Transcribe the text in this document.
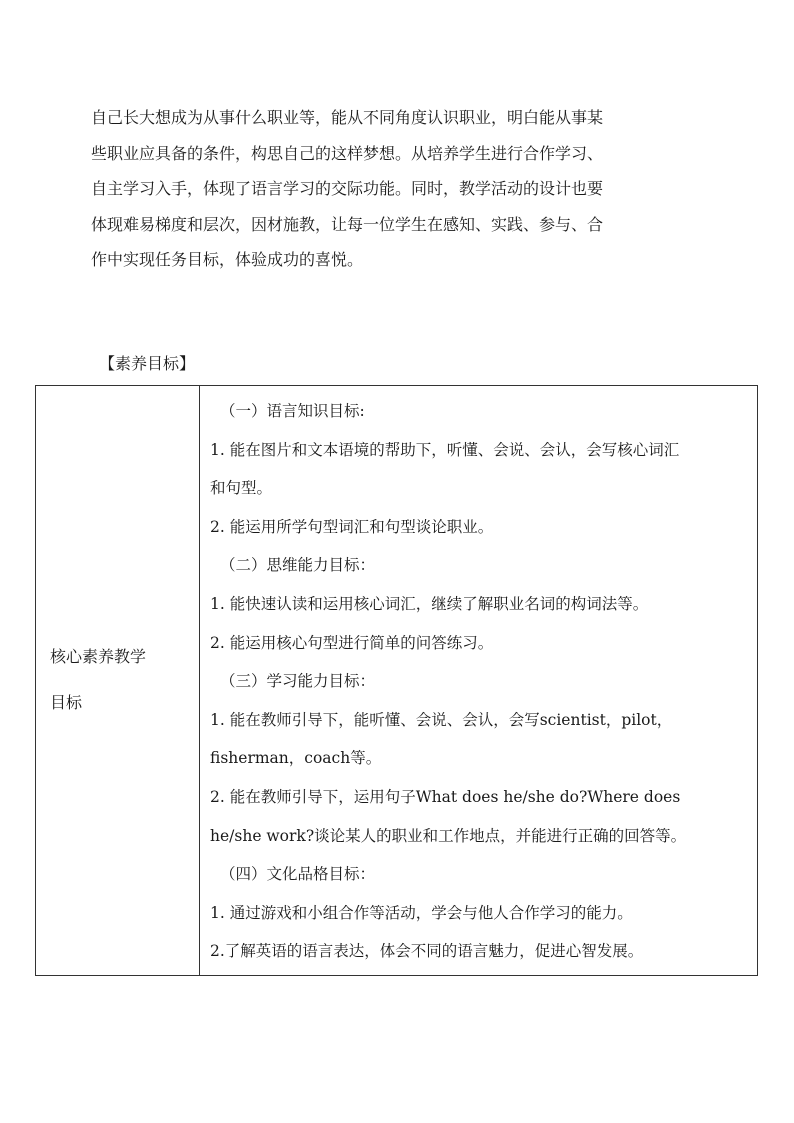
自己长大想成为从事什么职业等，能从不同角度认识职业，明白能从事某

些职业应具备的条件，构思自己的这样梦想。从培养学生进行合作学习、

自主学习入手，体现了语言学习的交际功能。同时，教学活动的设计也要

体现难易梯度和层次，因材施教，让每一位学生在感知、实践、参与、合

作中实现任务目标，体验成功的喜悦。

【素养目标】
核心素养教学
目标

（一）语言知识目标:
1. 能在图片和文本语境的帮助下，听懂、会说、会认，会写核心词汇
和句型。
2. 能运用所学句型词汇和句型谈论职业。
（二）思维能力目标：
1. 能快速认读和运用核心词汇，继续了解职业名词的构词法等。
2. 能运用核心句型进行简单的问答练习。
（三）学习能力目标：
1. 能在教师引导下，能听懂、会说、会认，会写scientist，pilot，
fisherman，coach等。
2. 能在教师引导下，运用句子What does he/she do?Where does
he/she work?谈论某人的职业和工作地点，并能进行正确的回答等。
（四）文化品格目标：
1. 通过游戏和小组合作等活动，学会与他人合作学习的能力。
2.了解英语的语言表达，体会不同的语言魅力，促进心智发展。
